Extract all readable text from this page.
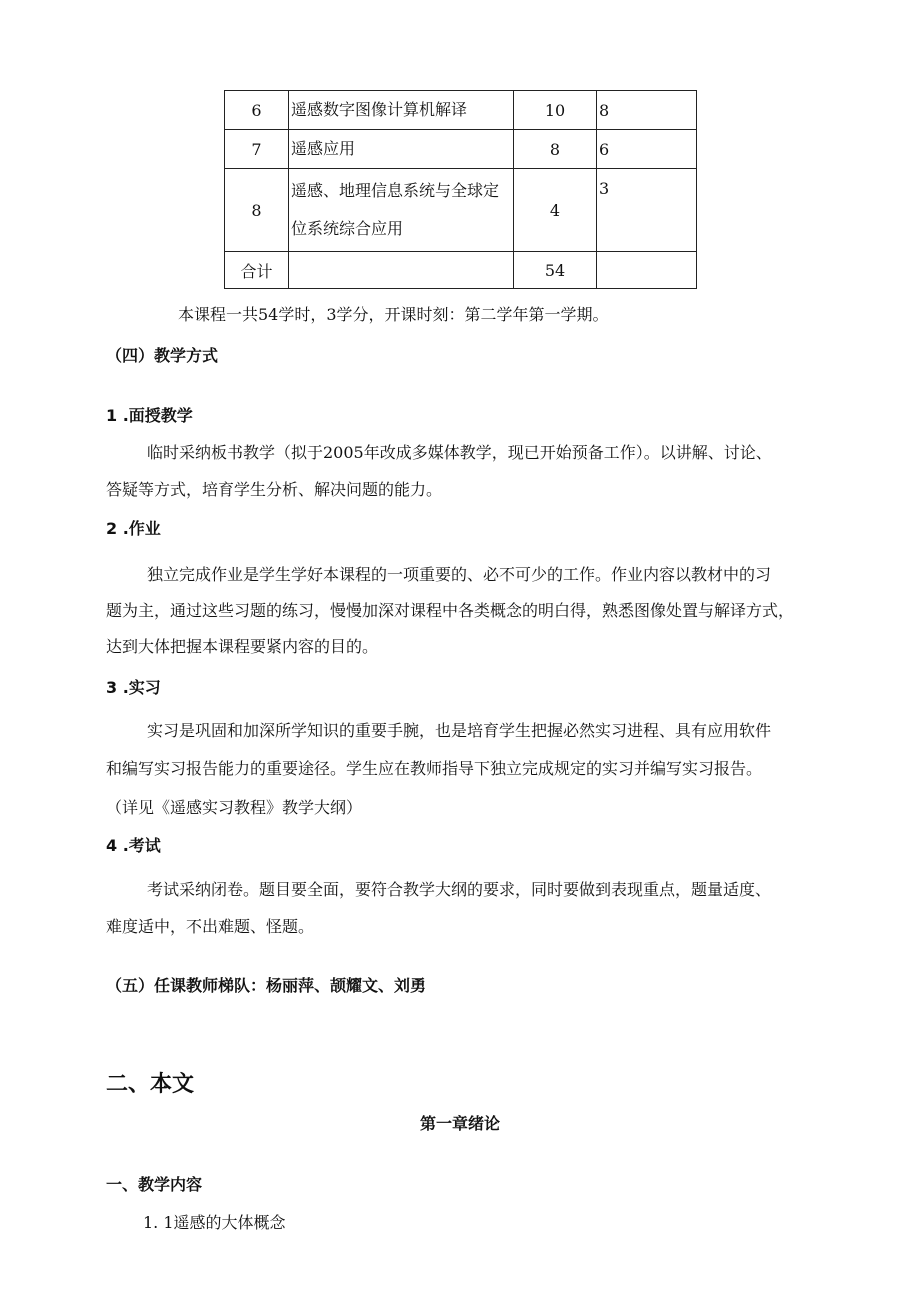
6	遥感数字图像计算机解译	10	8
7	遥感应用	8	6
8	遥感、地理信息系统与全球定位系统综合应用	4	3
合计		54	
本课程一共54学时，3学分，开课时刻：第二学年第一学期。
（四）教学方式
1 .面授教学
临时采纳板书教学（拟于2005年改成多媒体教学，现已开始预备工作）。以讲解、讨论、
答疑等方式，培育学生分析、解决问题的能力。
2 .作业
独立完成作业是学生学好本课程的一项重要的、必不可少的工作。作业内容以教材中的习
题为主，通过这些习题的练习，慢慢加深对课程中各类概念的明白得，熟悉图像处置与解译方式，
达到大体把握本课程要紧内容的目的。
3 .实习
实习是巩固和加深所学知识的重要手腕，也是培育学生把握必然实习进程、具有应用软件
和编写实习报告能力的重要途径。学生应在教师指导下独立完成规定的实习并编写实习报告。
（详见《遥感实习教程》教学大纲）
4 .考试
考试采纳闭卷。题目要全面，要符合教学大纲的要求，同时要做到表现重点，题量适度、
难度适中，不出难题、怪题。
（五）任课教师梯队：杨丽萍、颉耀文、刘勇
二、本文
第一章绪论
一、教学内容
1. 1遥感的大体概念
